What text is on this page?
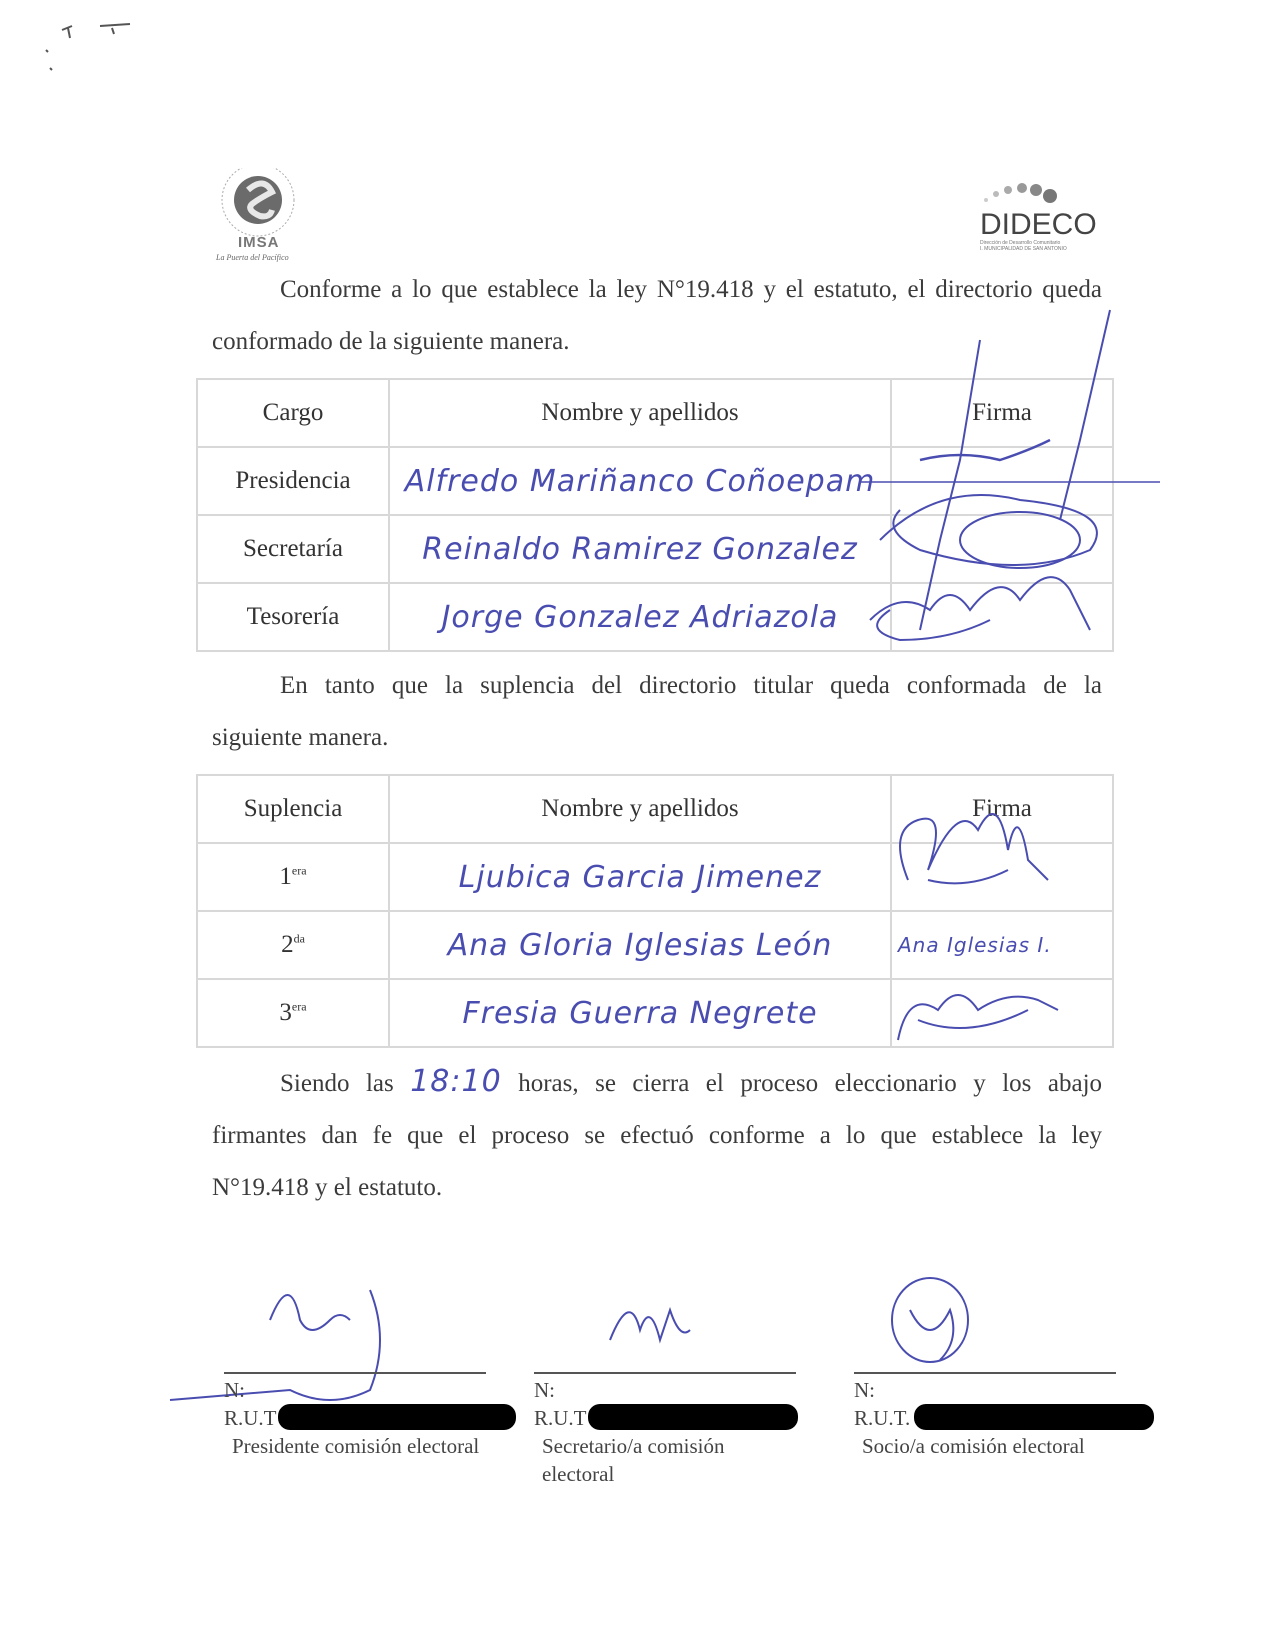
IMSA
La Puerta del Pacífico
DIDECO
Dirección de Desarrollo Comunitario
I. MUNICIPALIDAD DE SAN ANTONIO
Conforme a lo que establece la ley N°19.418 y el estatuto, el directorio queda
conformado de la siguiente manera.
Cargo	Nombre y apellidos	Firma
Presidencia	Alfredo Mariñanco Coñoepam	
Secretaría	Reinaldo Ramirez Gonzalez	
Tesorería	Jorge Gonzalez Adriazola	
En tanto que la suplencia del directorio titular queda conformada de la
siguiente manera.
Suplencia	Nombre y apellidos	Firma
$1^{era}$	Ljubica Garcia Jimenez	
$2^{da}$	Ana Gloria Iglesias León	Ana Iglesias I.
$3^{era}$	Fresia Guerra Negrete	
Siendo las 18:10 horas, se cierra el proceso eleccionario y los abajo
firmantes dan fe que el proceso se efectuó conforme a lo que establece la ley
N°19.418 y el estatuto.
N:
R.U.T
Presidente comisión electoral
N:
R.U.T
Secretario/a comisión electoral
N:
R.U.T.
Socio/a comisión electoral
